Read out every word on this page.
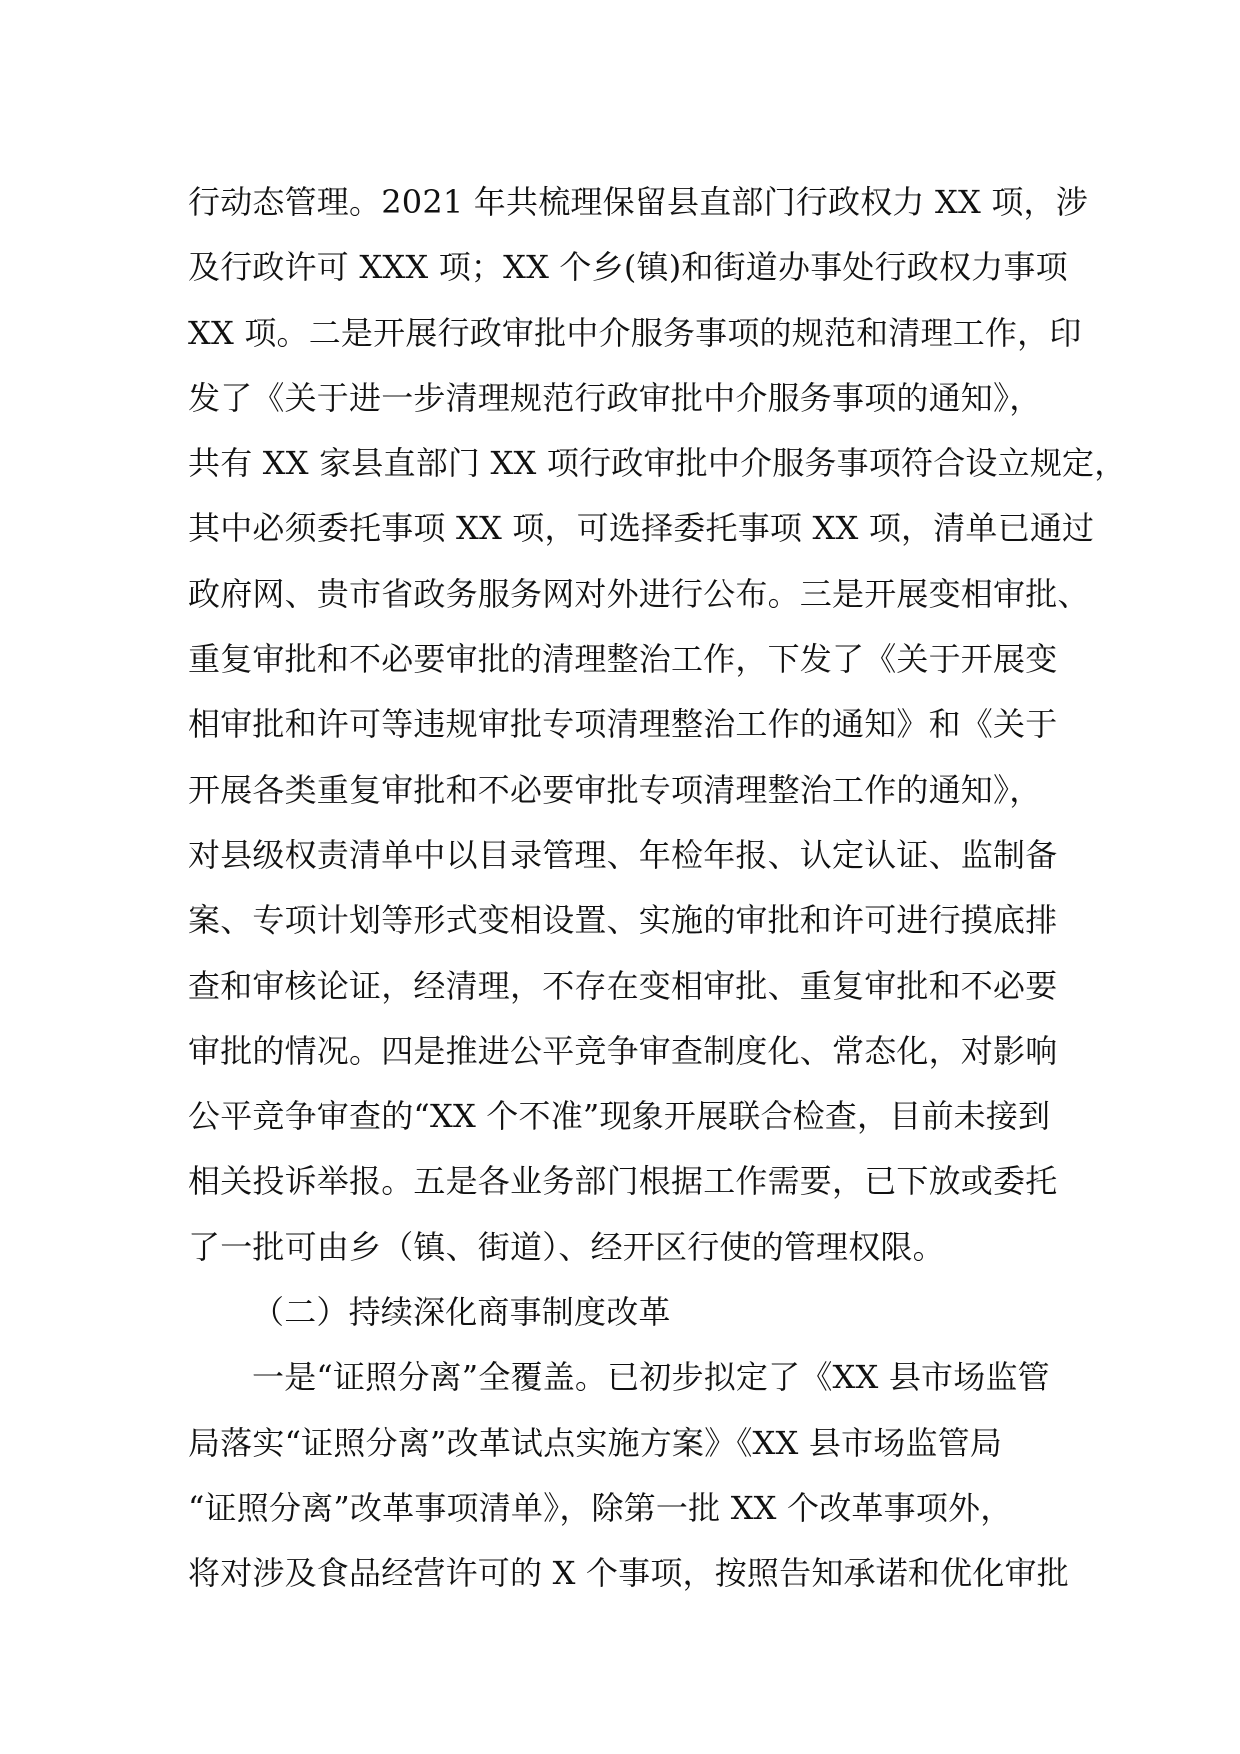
行动态管理。2021 年共梳理保留县直部门行政权力 XX 项，涉
及行政许可 XXX 项；XX 个乡(镇)和街道办事处行政权力事项
XX 项。二是开展行政审批中介服务事项的规范和清理工作，印
发了《关于进一步清理规范行政审批中介服务事项的通知》，
共有 XX 家县直部门 XX 项行政审批中介服务事项符合设立规定，
其中必须委托事项 XX 项，可选择委托事项 XX 项，清单已通过
政府网、贵市省政务服务网对外进行公布。三是开展变相审批、
重复审批和不必要审批的清理整治工作，下发了《关于开展变
相审批和许可等违规审批专项清理整治工作的通知》和《关于
开展各类重复审批和不必要审批专项清理整治工作的通知》，
对县级权责清单中以目录管理、年检年报、认定认证、监制备
案、专项计划等形式变相设置、实施的审批和许可进行摸底排
查和审核论证，经清理，不存在变相审批、重复审批和不必要
审批的情况。四是推进公平竞争审查制度化、常态化，对影响
公平竞争审查的“XX 个不准”现象开展联合检查，目前未接到
相关投诉举报。五是各业务部门根据工作需要，已下放或委托
了一批可由乡（镇、街道）、经开区行使的管理权限。
（二）持续深化商事制度改革
一是“证照分离”全覆盖。已初步拟定了《XX 县市场监管
局落实“证照分离”改革试点实施方案》《XX 县市场监管局
“证照分离”改革事项清单》，除第一批 XX 个改革事项外，
将对涉及食品经营许可的 X 个事项，按照告知承诺和优化审批
